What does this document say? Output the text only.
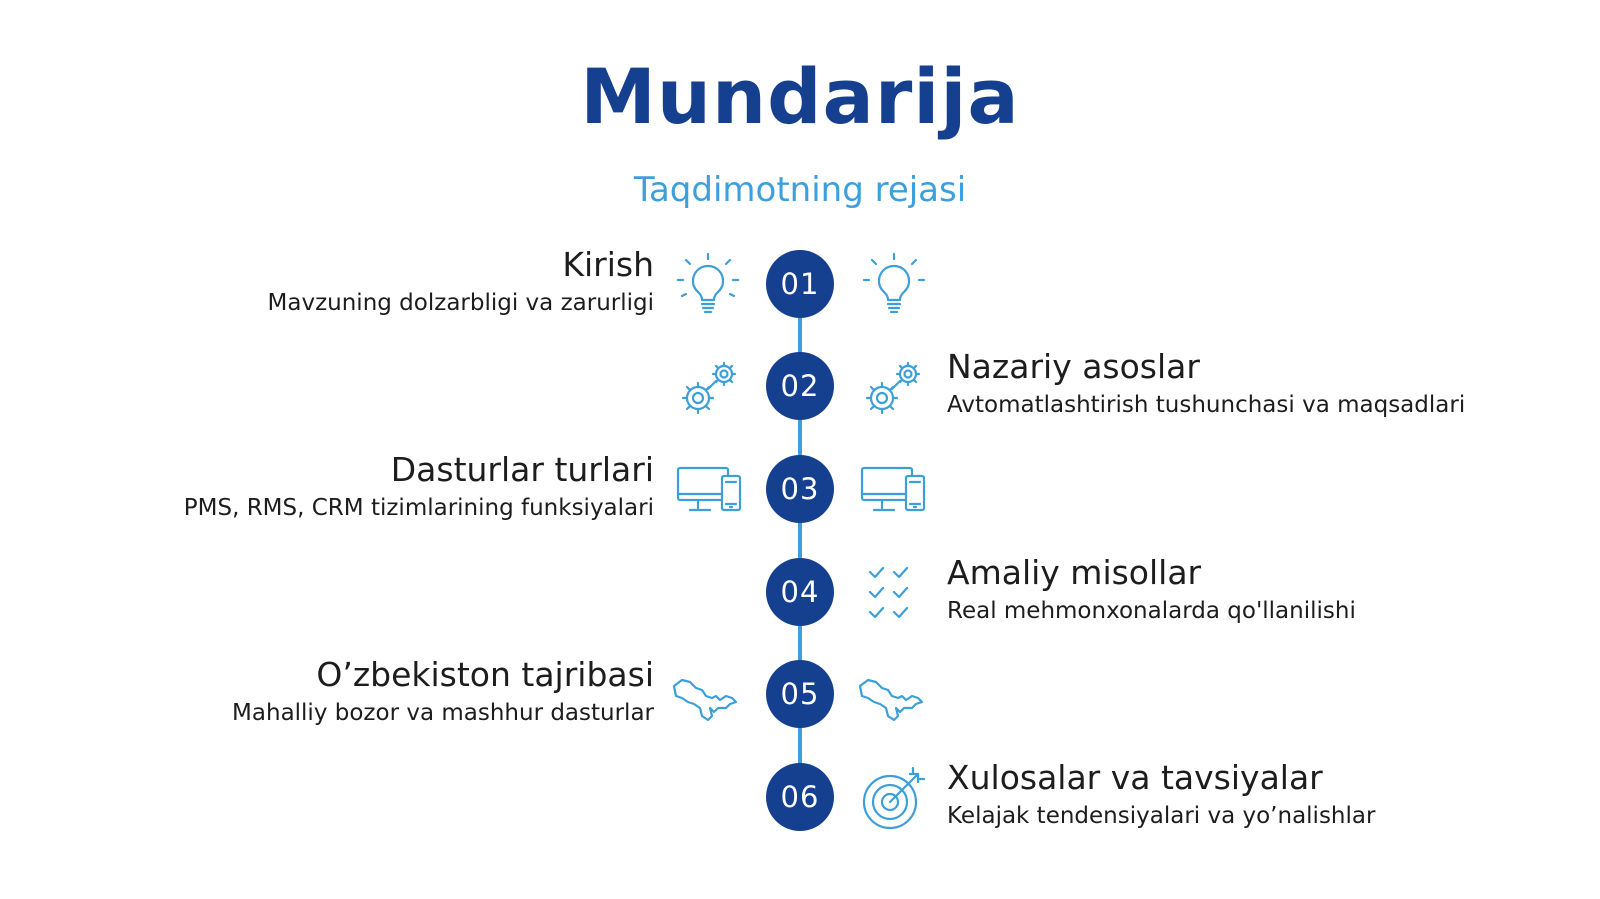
Mundarija
Taqdimotning rejasi
01
Kirish
Mavzuning dolzarbligi va zarurligi
02	Nazariy asoslar
Avtomatlashtirish tushunchasi va maqsadlari
03
Dasturlar turlari
PMS, RMS, CRM tizimlarining funksiyalari
04	Amaliy misollar
Real mehmonxonalarda qo'llanilishi
05
O’zbekiston tajribasi
Mahalliy bozor va mashhur dasturlar
06	Xulosalar va tavsiyalar
Kelajak tendensiyalari va yo’nalishlar
